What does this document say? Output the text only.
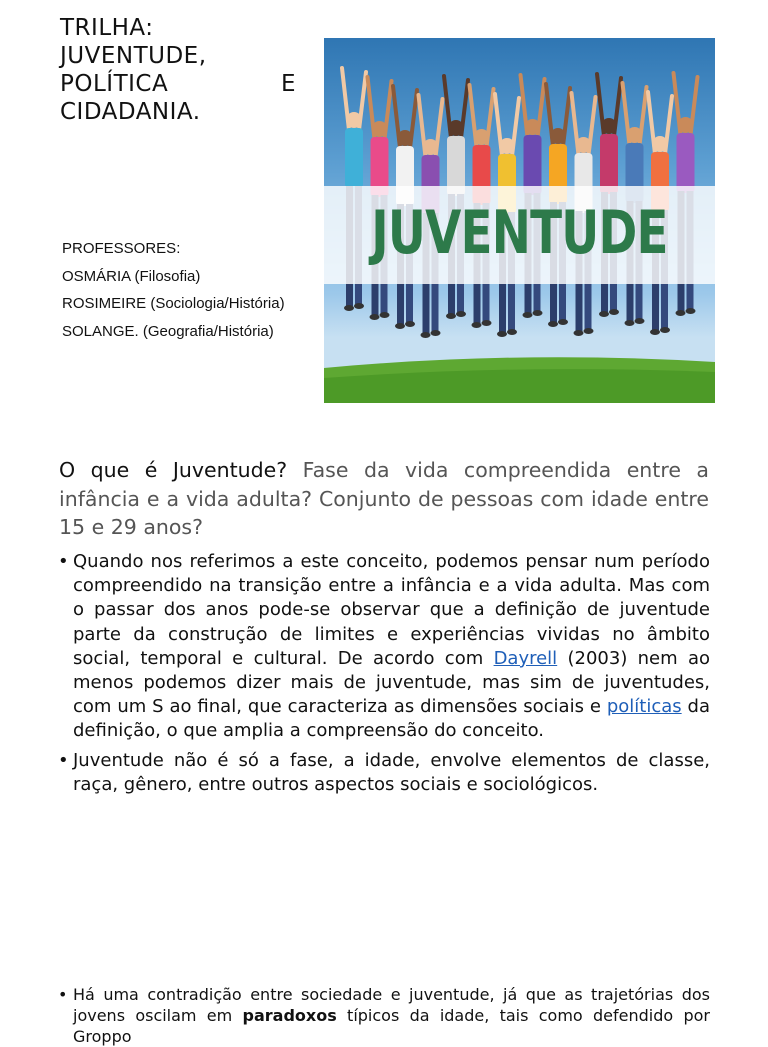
TRILHA:
JUVENTUDE,
POLÍTICA	E
CIDADANIA.
PROFESSORES:
OSMÁRIA (Filosofia)
ROSIMEIRE (Sociologia/História)
SOLANGE. (Geografia/História)
JUVENTUDE
O que é Juventude? Fase da vida compreendida entre a infância e a vida adulta? Conjunto de pessoas com idade entre 15 e 29 anos?
• Quando nos referimos a este conceito, podemos pensar num período compreendido na transição entre a infância e a vida adulta. Mas com o passar dos anos pode-se observar que a definição de juventude parte da construção de limites e experiências vividas no âmbito social, temporal e cultural. De acordo com Dayrell (2003) nem ao menos podemos dizer mais de juventude, mas sim de juventudes, com um S ao final, que caracteriza as dimensões sociais e políticas da definição, o que amplia a compreensão do conceito.
• Juventude não é só a fase, a idade, envolve elementos de classe, raça, gênero, entre outros aspectos sociais e sociológicos.
• Há uma contradição entre sociedade e juventude, já que as trajetórias dos jovens oscilam em paradoxos típicos da idade, tais como defendido por Groppo
